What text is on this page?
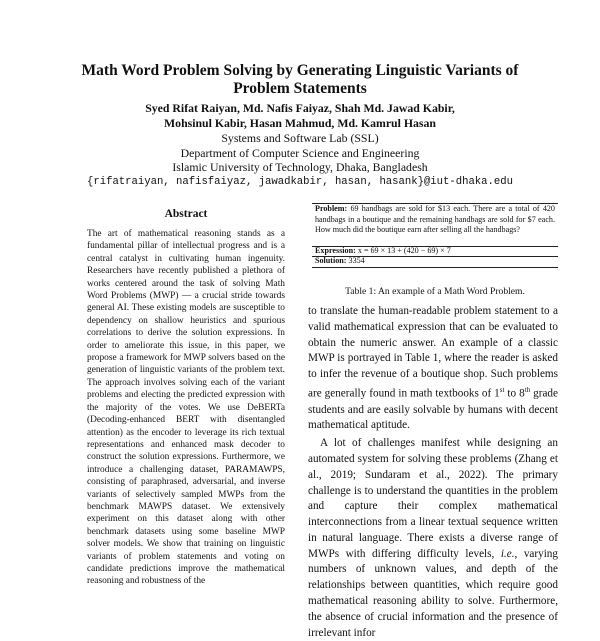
Math Word Problem Solving by Generating Linguistic Variants of
Problem Statements
Syed Rifat Raiyan, Md. Nafis Faiyaz, Shah Md. Jawad Kabir,
Mohsinul Kabir, Hasan Mahmud, Md. Kamrul Hasan
Systems and Software Lab (SSL)
Department of Computer Science and Engineering
Islamic University of Technology, Dhaka, Bangladesh
{rifatraiyan, nafisfaiyaz, jawadkabir, hasan, hasank}@iut-dhaka.edu
Abstract
The art of mathematical reasoning stands as a fundamental pillar of intellectual progress and is a central catalyst in cultivating human ingenuity. Researchers have recently published a plethora of works centered around the task of solving Math Word Problems (MWP) — a crucial stride towards general AI. These existing models are susceptible to dependency on shallow heuristics and spurious correlations to derive the solution expressions. In order to ameliorate this issue, in this paper, we propose a framework for MWP solvers based on the generation of linguistic variants of the problem text. The approach involves solving each of the variant problems and electing the predicted expression with the majority of the votes. We use DeBERTa (Decoding-enhanced BERT with disentangled attention) as the encoder to leverage its rich textual representations and enhanced mask decoder to construct the solution expressions. Furthermore, we introduce a challenging dataset, PARAMAWPS, consisting of paraphrased, adversarial, and inverse variants of selectively sampled MWPs from the benchmark MAWPS dataset. We extensively experiment on this dataset along with other benchmark datasets using some baseline MWP solver models. We show that training on linguistic variants of problem statements and voting on candidate predictions improve the mathematical reasoning and robustness of the
Problem: 69 handbags are sold for $13 each. There are a total of 420 handbags in a boutique and the remaining handbags are sold for $7 each. How much did the boutique earn after selling all the handbags?
Expression: x = 69 × 13 + (420 − 69) × 7
Solution: 3354
Table 1: An example of a Math Word Problem.

to translate the human-readable problem statement to a valid mathematical expression that can be evaluated to obtain the numeric answer. An example of a classic MWP is portrayed in Table 1, where the reader is asked to infer the revenue of a boutique shop. Such problems are generally found in math textbooks of 1st to 8th grade students and are easily solvable by humans with decent mathematical aptitude.

A lot of challenges manifest while designing an automated system for solving these problems (Zhang et al., 2019; Sundaram et al., 2022). The primary challenge is to understand the quantities in the problem and capture their complex mathematical interconnections from a linear textual sequence written in natural language. There exists a diverse range of MWPs with differing difficulty levels, i.e., varying numbers of unknown values, and depth of the relationships between quantities, which require good mathematical reasoning ability to solve. Furthermore, the absence of crucial information and the presence of irrelevant infor
